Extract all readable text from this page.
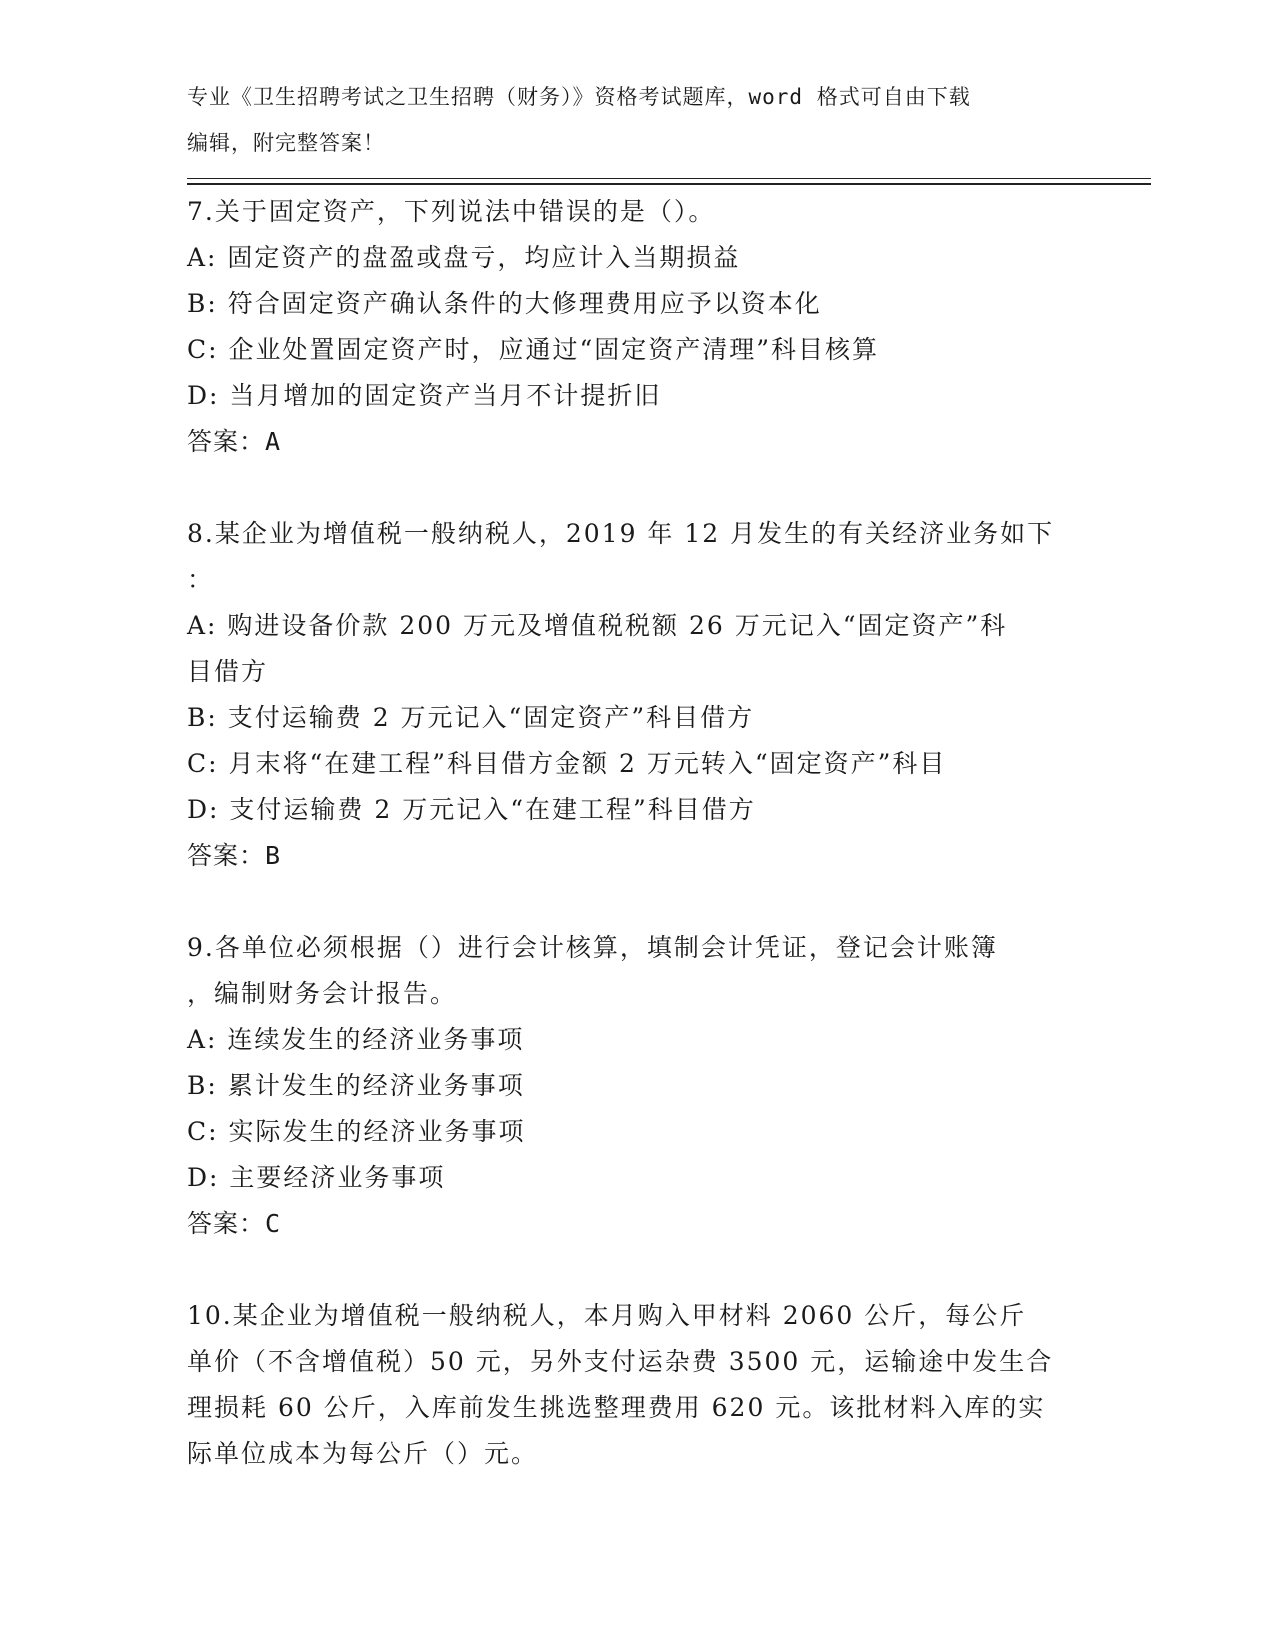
专业《卫生招聘考试之卫生招聘（财务）》资格考试题库，word 格式可自由下载
编辑，附完整答案！
7.关于固定资产，下列说法中错误的是（）。
A: 固定资产的盘盈或盘亏，均应计入当期损益
B: 符合固定资产确认条件的大修理费用应予以资本化
C: 企业处置固定资产时，应通过“固定资产清理”科目核算
D: 当月增加的固定资产当月不计提折旧
答案：A
8.某企业为增值税一般纳税人，2019 年 12 月发生的有关经济业务如下
：
A: 购进设备价款 200 万元及增值税税额 26 万元记入“固定资产”科
目借方
B: 支付运输费 2 万元记入“固定资产”科目借方
C: 月末将“在建工程”科目借方金额 2 万元转入“固定资产”科目
D: 支付运输费 2 万元记入“在建工程”科目借方
答案：B
9.各单位必须根据（）进行会计核算，填制会计凭证，登记会计账簿
，编制财务会计报告。
A: 连续发生的经济业务事项
B: 累计发生的经济业务事项
C: 实际发生的经济业务事项
D: 主要经济业务事项
答案：C
10.某企业为增值税一般纳税人，本月购入甲材料 2060 公斤，每公斤
单价（不含增值税）50 元，另外支付运杂费 3500 元，运输途中发生合
理损耗 60 公斤，入库前发生挑选整理费用 620 元。该批材料入库的实
际单位成本为每公斤（）元。
